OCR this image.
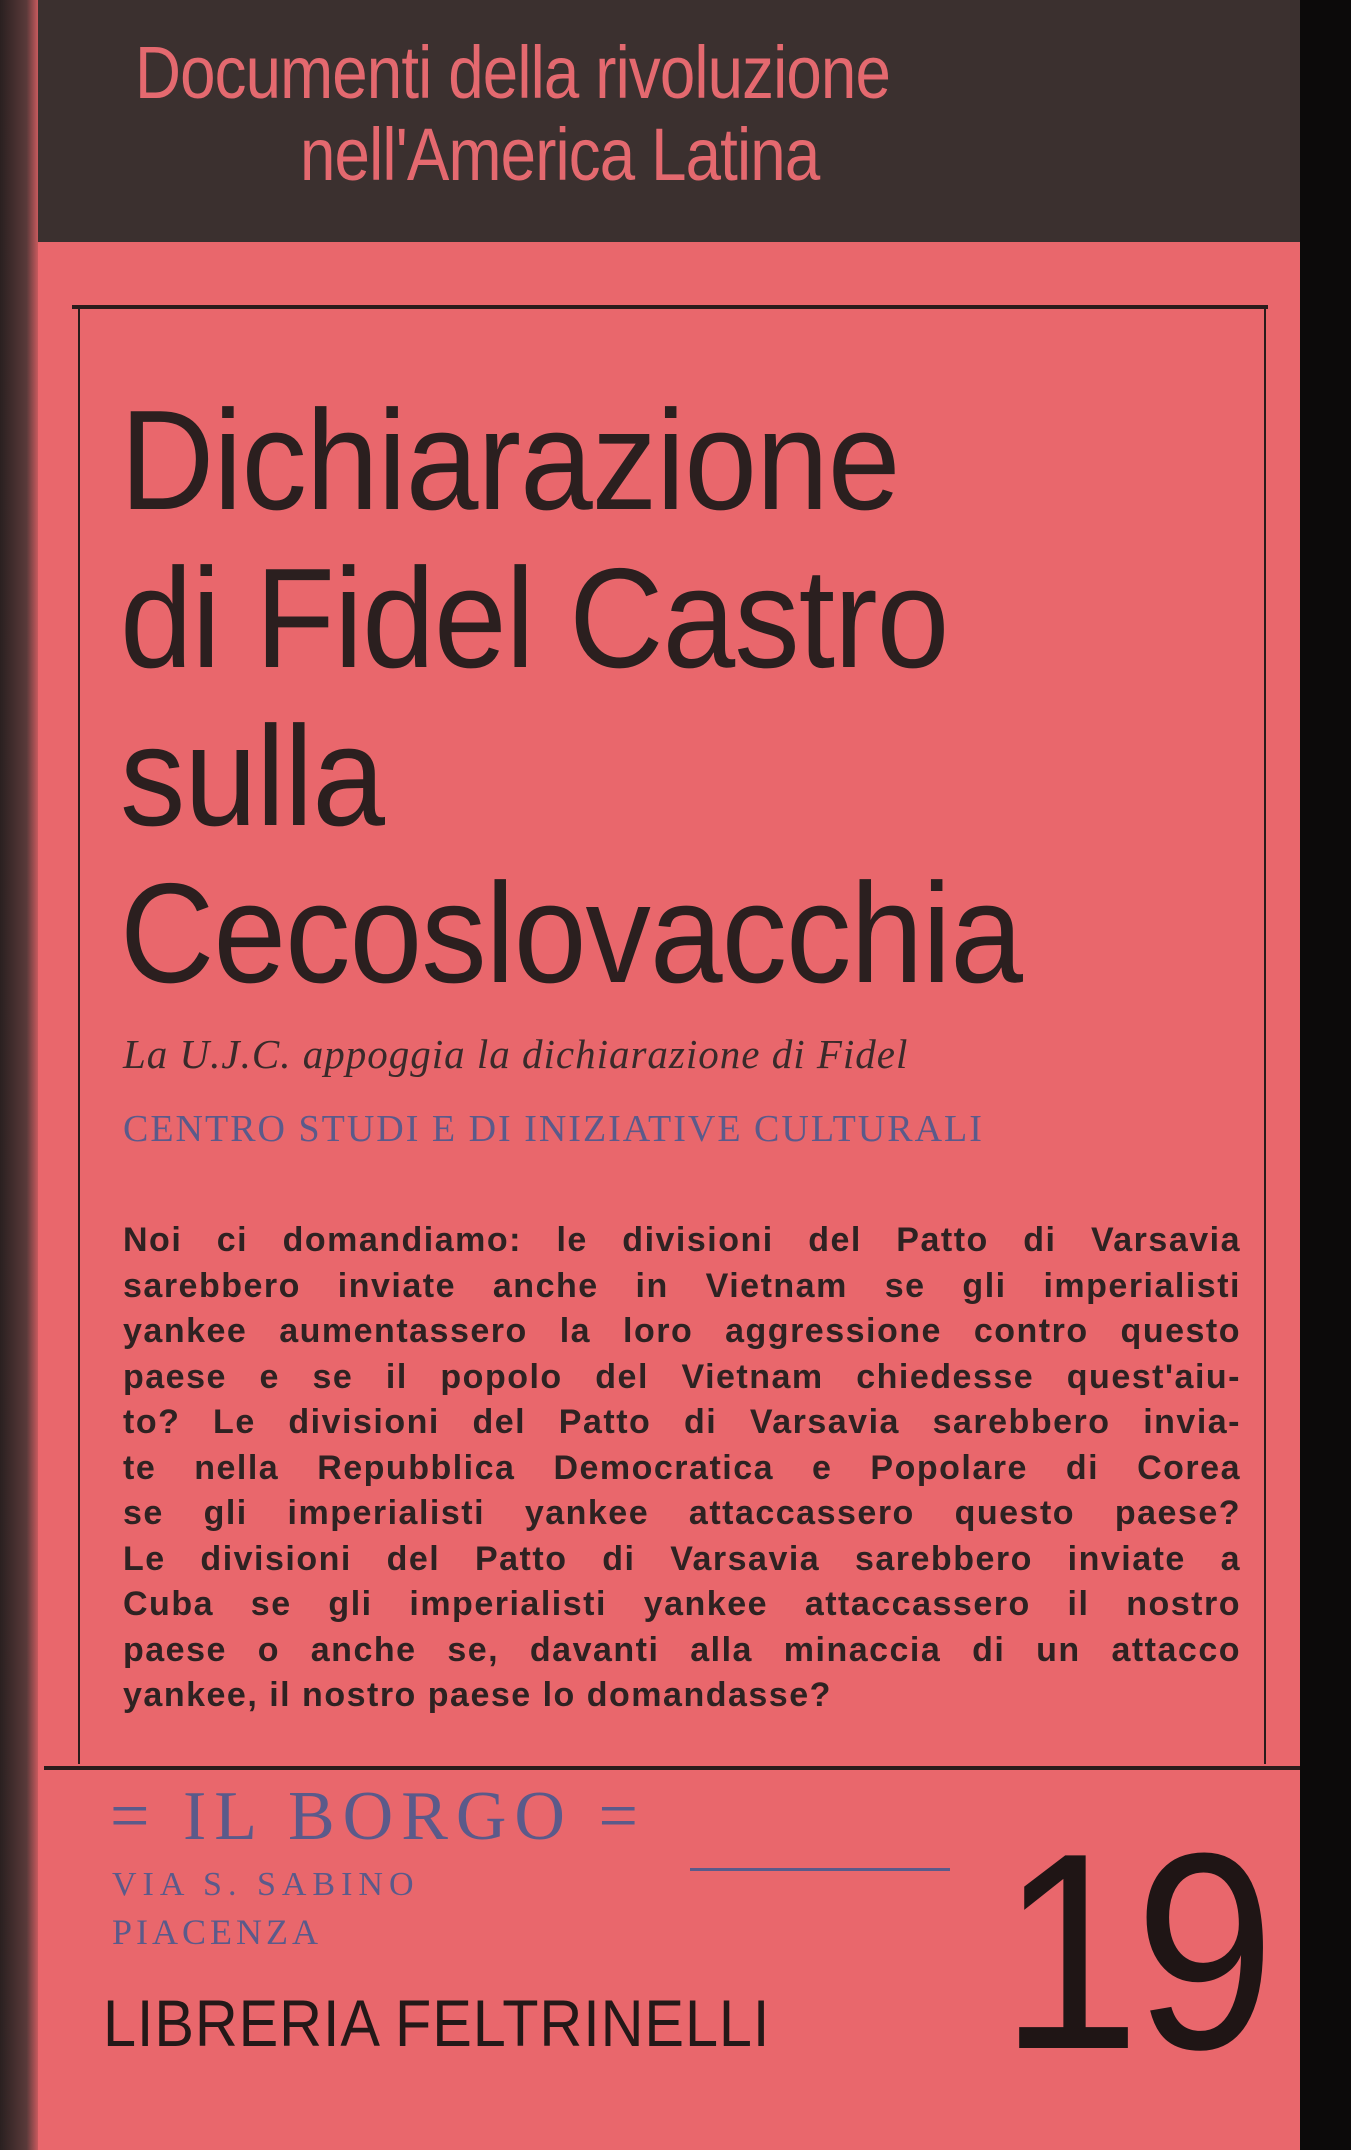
Documenti della rivoluzione
nell'America Latina
Dichiarazione
di Fidel Castro
sulla
Cecoslovacchia
La U.J.C. appoggia la dichiarazione di Fidel
CENTRO STUDI E DI INIZIATIVE CULTURALI
Noi ci domandiamo: le divisioni del Patto di Varsavia
sarebbero inviate anche in Vietnam se gli imperialisti
yankee aumentassero la loro aggressione contro questo
paese e se il popolo del Vietnam chiedesse quest'aiu-
to? Le divisioni del Patto di Varsavia sarebbero invia-
te nella Repubblica Democratica e Popolare di Corea
se gli imperialisti yankee attaccassero questo paese?
Le divisioni del Patto di Varsavia sarebbero inviate a
Cuba se gli imperialisti yankee attaccassero il nostro
paese o anche se, davanti alla minaccia di un attacco
yankee, il nostro paese lo domandasse?
= IL BORGO =
VIA S. SABINO
PIACENZA 19
LIBRERIA FELTRINELLI
